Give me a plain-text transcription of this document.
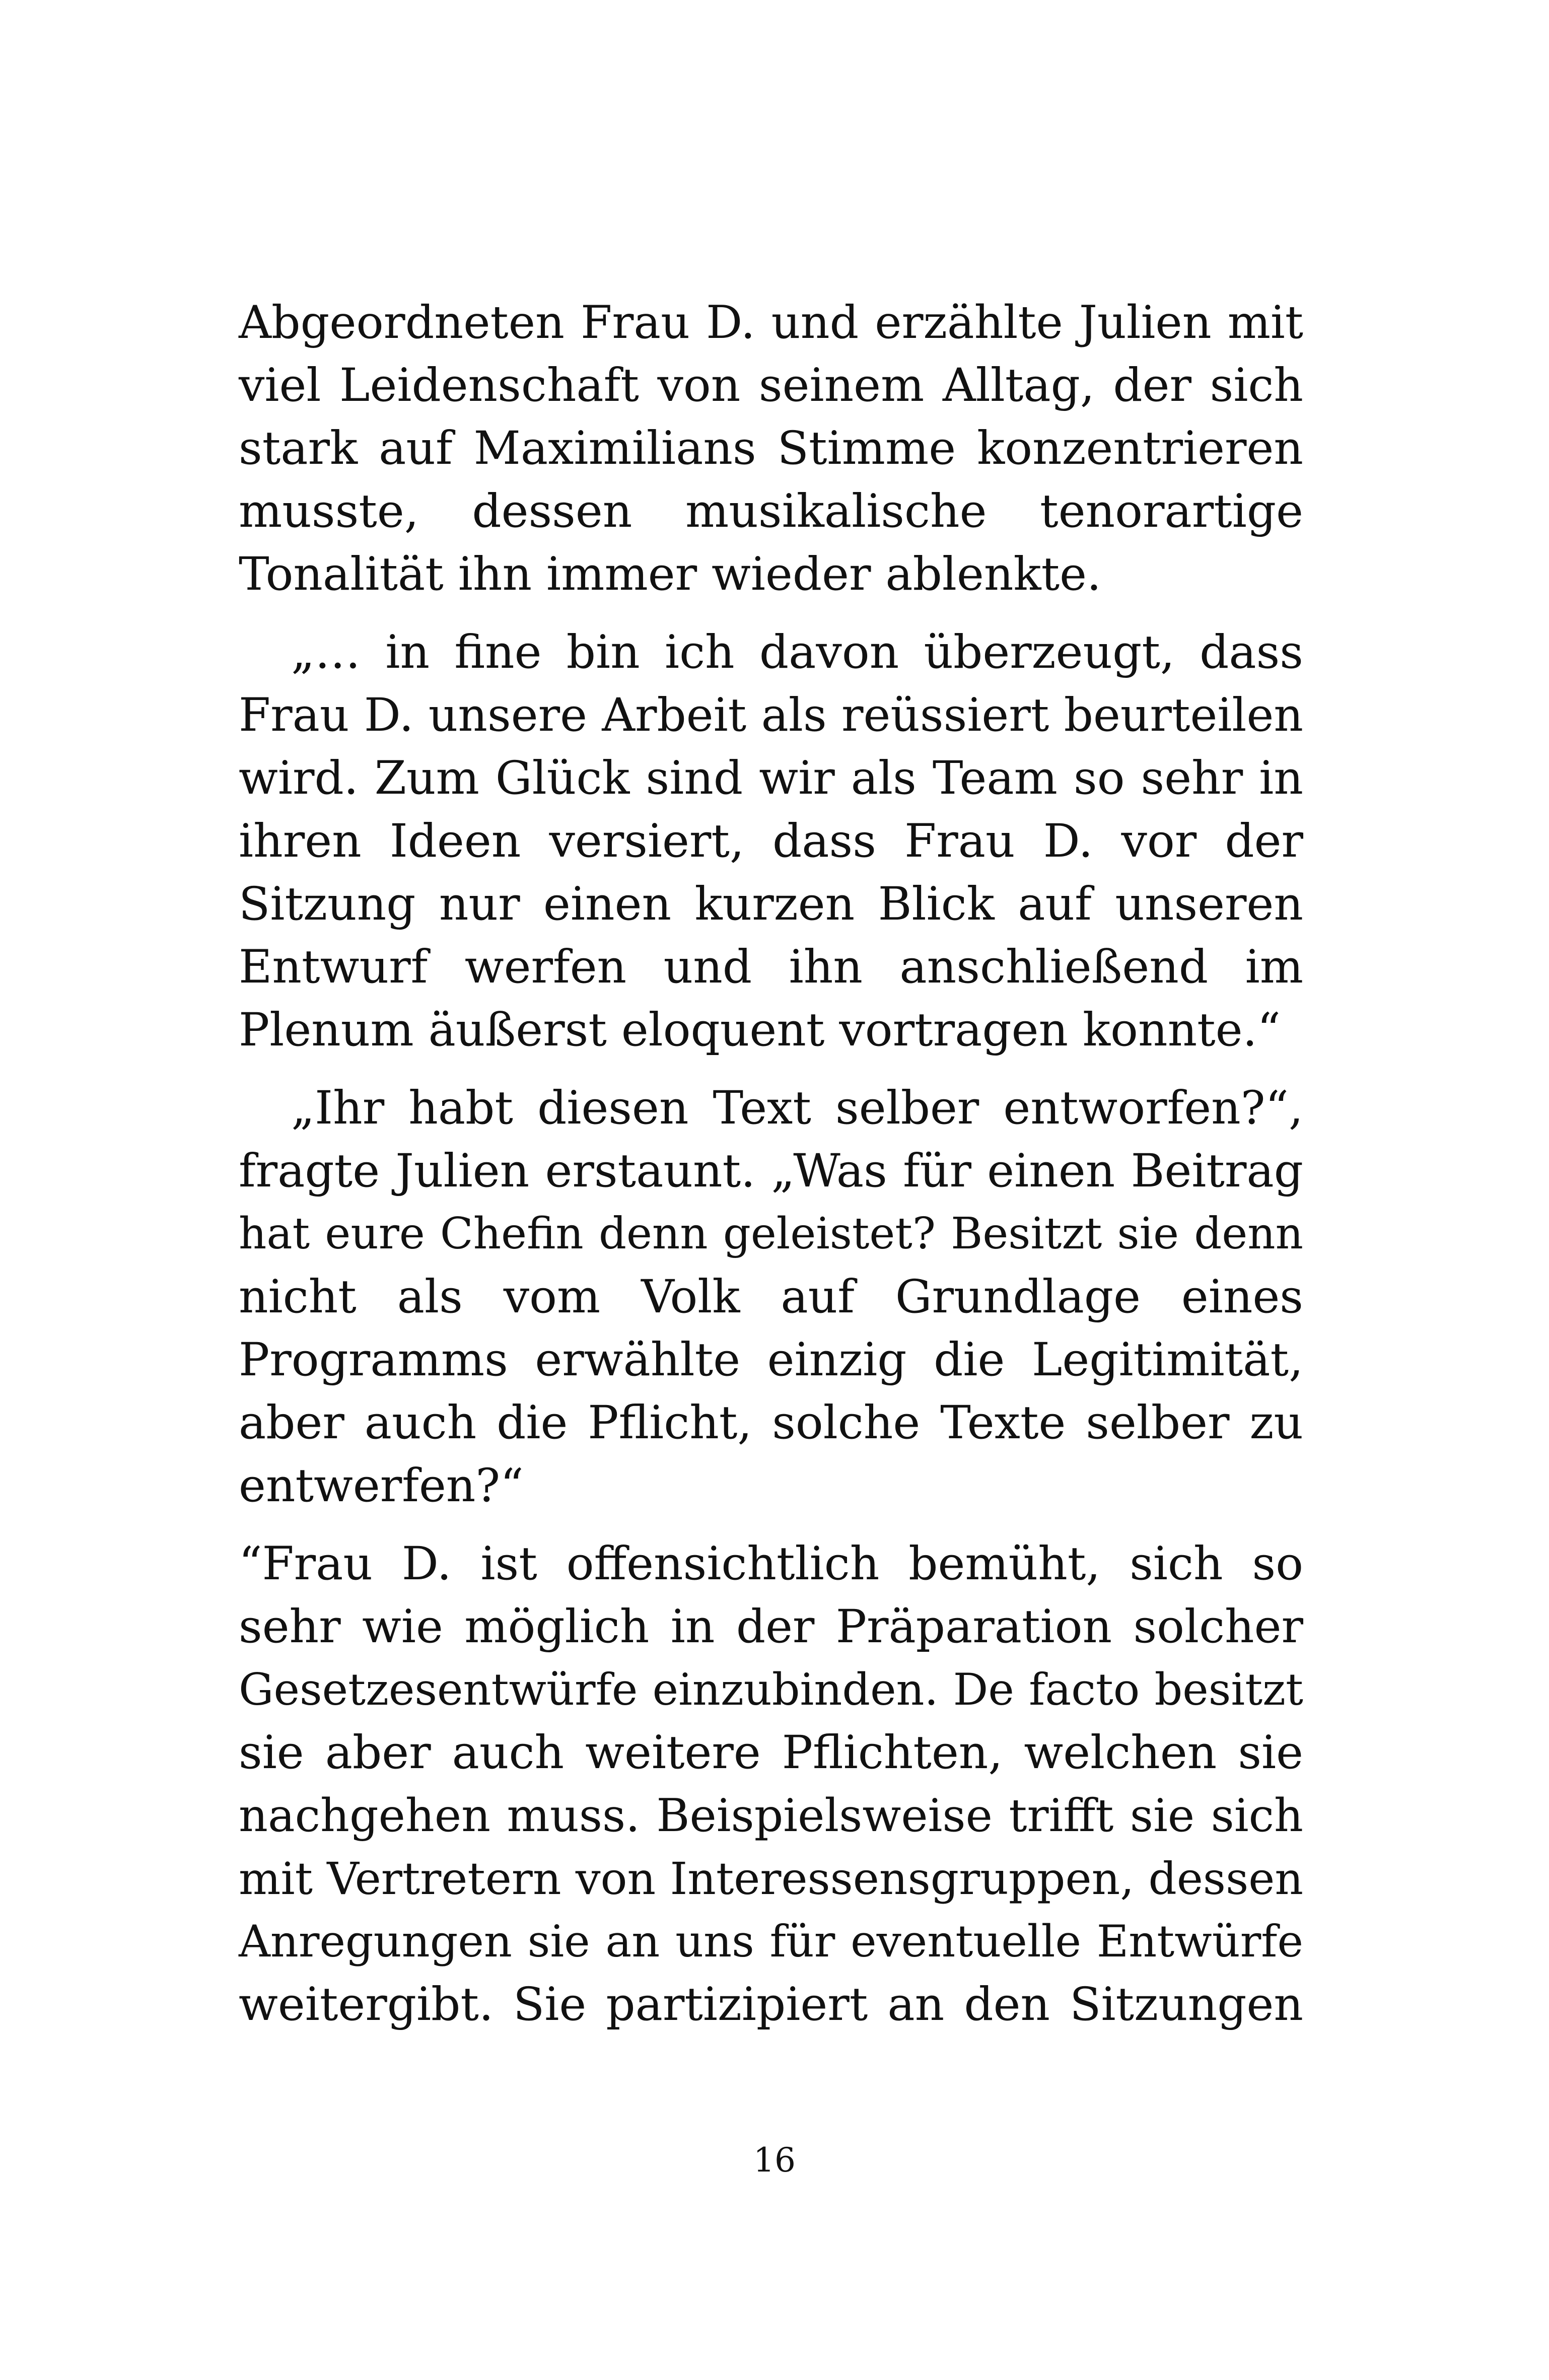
Abgeordneten Frau D. und erzählte Julien mit
viel Leidenschaft von seinem Alltag, der sich
stark auf Maximilians Stimme konzentrieren
musste, dessen musikalische tenorartige
Tonalität ihn immer wieder ablenkte.
„… in fine bin ich davon überzeugt, dass
Frau D. unsere Arbeit als reüssiert beurteilen
wird. Zum Glück sind wir als Team so sehr in
ihren Ideen versiert, dass Frau D. vor der
Sitzung nur einen kurzen Blick auf unseren
Entwurf werfen und ihn anschließend im
Plenum äußerst eloquent vortragen konnte.“
„Ihr habt diesen Text selber entworfen?“,
fragte Julien erstaunt. „Was für einen Beitrag
hat eure Chefin denn geleistet? Besitzt sie denn
nicht als vom Volk auf Grundlage eines
Programms erwählte einzig die Legitimität,
aber auch die Pflicht, solche Texte selber zu
entwerfen?“
“Frau D. ist offensichtlich bemüht, sich so
sehr wie möglich in der Präparation solcher
Gesetzesentwürfe einzubinden. De facto besitzt
sie aber auch weitere Pflichten, welchen sie
nachgehen muss. Beispielsweise trifft sie sich
mit Vertretern von Interessensgruppen, dessen
Anregungen sie an uns für eventuelle Entwürfe
weitergibt. Sie partizipiert an den Sitzungen
16
